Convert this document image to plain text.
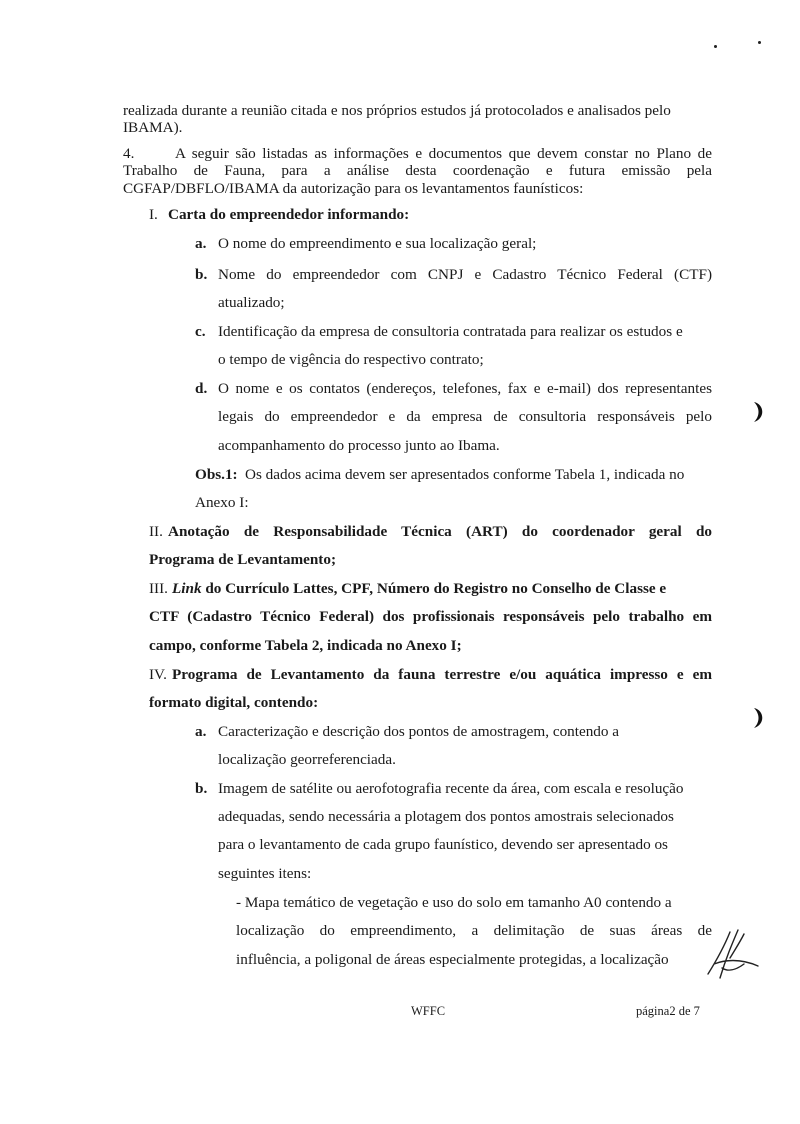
realizada durante a reunião citada e nos próprios estudos já protocolados e analisados pelo
IBAMA).
4.	A seguir são listadas as informações e documentos que devem constar no Plano de
Trabalho de Fauna, para a análise desta coordenação e futura emissão pela
CGFAP/DBFLO/IBAMA da autorização para os levantamentos faunísticos:
I. Carta do empreendedor informando:
a. O nome do empreendimento e sua localização geral;
b. Nome do empreendedor com CNPJ e Cadastro Técnico Federal (CTF)
atualizado;
c. Identificação da empresa de consultoria contratada para realizar os estudos e
o tempo de vigência do respectivo contrato;
d. O nome e os contatos (endereços, telefones, fax e e-mail) dos representantes
legais do empreendedor e da empresa de consultoria responsáveis pelo
acompanhamento do processo junto ao Ibama.
Obs.1: Os dados acima devem ser apresentados conforme Tabela 1, indicada no
Anexo I:
II. Anotação de Responsabilidade Técnica (ART) do coordenador geral do
Programa de Levantamento;
III. Link do Currículo Lattes, CPF, Número do Registro no Conselho de Classe e
CTF (Cadastro Técnico Federal) dos profissionais responsáveis pelo trabalho em
campo, conforme Tabela 2, indicada no Anexo I;
IV. Programa de Levantamento da fauna terrestre e/ou aquática impresso e em
formato digital, contendo:
a. Caracterização e descrição dos pontos de amostragem, contendo a
localização georreferenciada.
b. Imagem de satélite ou aerofotografia recente da área, com escala e resolução
adequadas, sendo necessária a plotagem dos pontos amostrais selecionados
para o levantamento de cada grupo faunístico, devendo ser apresentado os
seguintes itens:
- Mapa temático de vegetação e uso do solo em tamanho A0 contendo a
localização do empreendimento, a delimitação de suas áreas de
influência, a poligonal de áreas especialmente protegidas, a localização
WFFC	página2 de 7
